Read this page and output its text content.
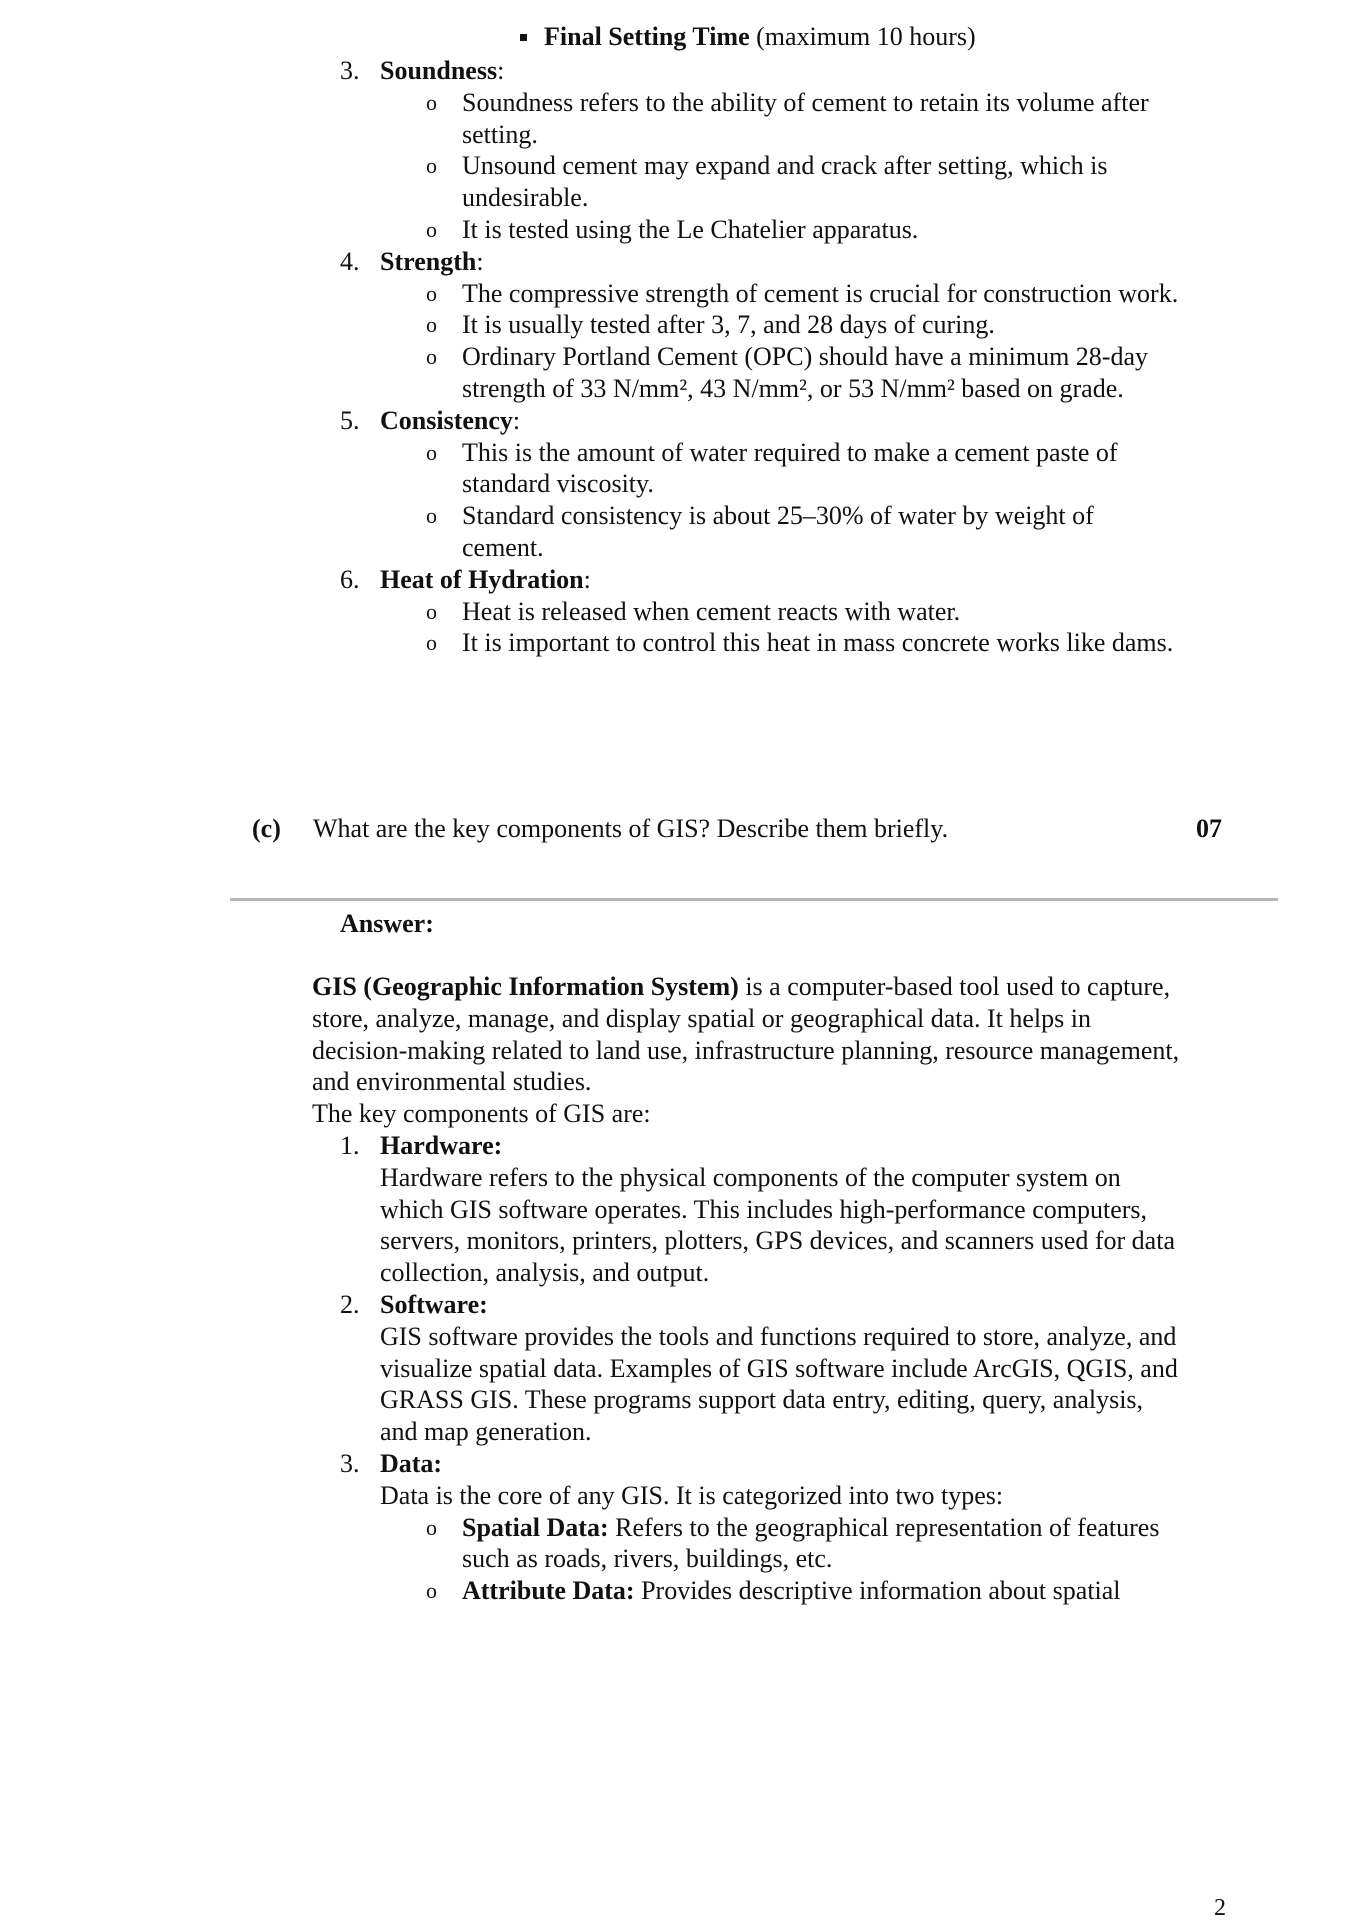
Final Setting Time (maximum 10 hours)
3. Soundness:
o Soundness refers to the ability of cement to retain its volume after setting.
o Unsound cement may expand and crack after setting, which is undesirable.
o It is tested using the Le Chatelier apparatus.
4. Strength:
o The compressive strength of cement is crucial for construction work.
o It is usually tested after 3, 7, and 28 days of curing.
o Ordinary Portland Cement (OPC) should have a minimum 28-day strength of 33 N/mm², 43 N/mm², or 53 N/mm² based on grade.
5. Consistency:
o This is the amount of water required to make a cement paste of standard viscosity.
o Standard consistency is about 25–30% of water by weight of cement.
6. Heat of Hydration:
o Heat is released when cement reacts with water.
o It is important to control this heat in mass concrete works like dams.
(c) What are the key components of GIS? Describe them briefly.	07
Answer:

GIS (Geographic Information System) is a computer-based tool used to capture, store, analyze, manage, and display spatial or geographical data. It helps in decision-making related to land use, infrastructure planning, resource management, and environmental studies.

The key components of GIS are:

1. Hardware:
Hardware refers to the physical components of the computer system on which GIS software operates. This includes high-performance computers, servers, monitors, printers, plotters, GPS devices, and scanners used for data collection, analysis, and output.
2. Software:
GIS software provides the tools and functions required to store, analyze, and visualize spatial data. Examples of GIS software include ArcGIS, QGIS, and GRASS GIS. These programs support data entry, editing, query, analysis, and map generation.
3. Data:
Data is the core of any GIS. It is categorized into two types:
o Spatial Data: Refers to the geographical representation of features such as roads, rivers, buildings, etc.
o Attribute Data: Provides descriptive information about spatial
2
